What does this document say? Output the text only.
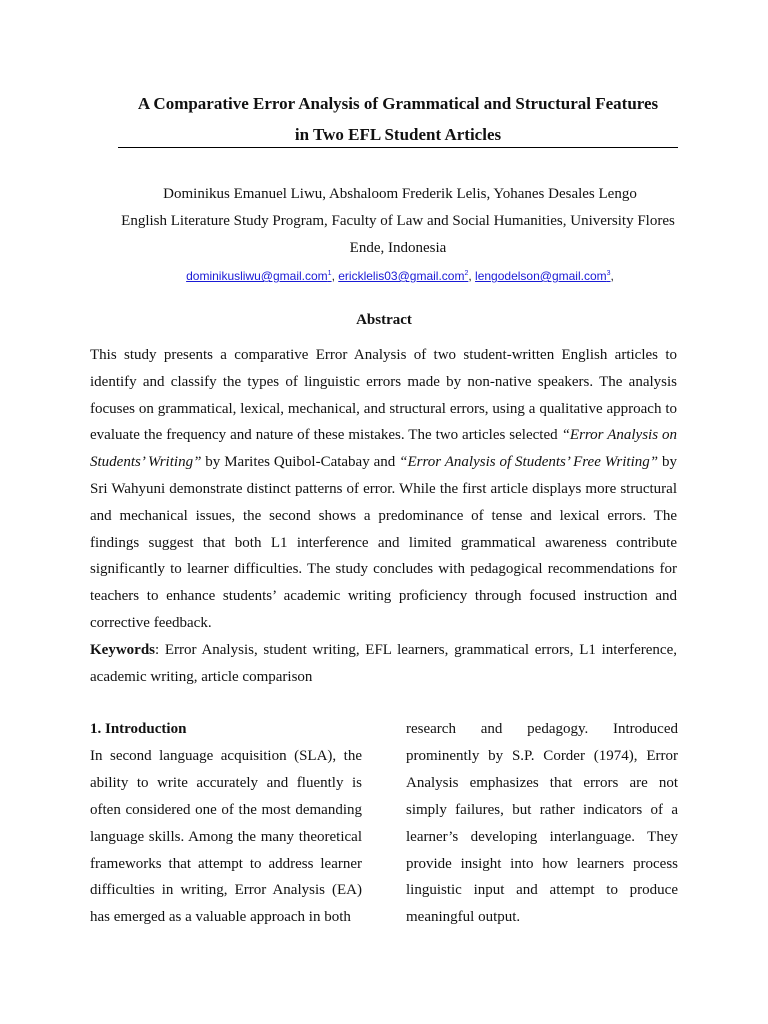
A Comparative Error Analysis of Grammatical and Structural Features
in Two EFL Student Articles
Dominikus Emanuel Liwu, Abshaloom Frederik Lelis, Yohanes Desales Lengo
English Literature Study Program, Faculty of Law and Social Humanities, University Flores Ende, Indonesia
dominikusliwu@gmail.com$^1$, ericklelis03@gmail.com$^2$, lengodelson@gmail.com$^3$,
Abstract

This study presents a comparative Error Analysis of two student-written English articles to identify and classify the types of linguistic errors made by non-native speakers. The analysis focuses on grammatical, lexical, mechanical, and structural errors, using a qualitative approach to evaluate the frequency and nature of these mistakes. The two articles selected “Error Analysis on Students’ Writing” by Marites Quibol-Catabay and “Error Analysis of Students’ Free Writing” by Sri Wahyuni demonstrate distinct patterns of error. While the first article displays more structural and mechanical issues, the second shows a predominance of tense and lexical errors. The findings suggest that both L1 interference and limited grammatical awareness contribute significantly to learner difficulties. The study concludes with pedagogical recommendations for teachers to enhance students’ academic writing proficiency through focused instruction and corrective feedback.

Keywords: Error Analysis, student writing, EFL learners, grammatical errors, L1 interference, academic writing, article comparison

1. Introduction

In second language acquisition (SLA), the ability to write accurately and fluently is often considered one of the most demanding language skills. Among the many theoretical frameworks that attempt to address learner difficulties in writing, Error Analysis (EA) has emerged as a valuable approach in both

research and pedagogy. Introduced prominently by S.P. Corder (1974), Error Analysis emphasizes that errors are not simply failures, but rather indicators of a learner’s developing interlanguage. They provide insight into how learners process linguistic input and attempt to produce meaningful output.
